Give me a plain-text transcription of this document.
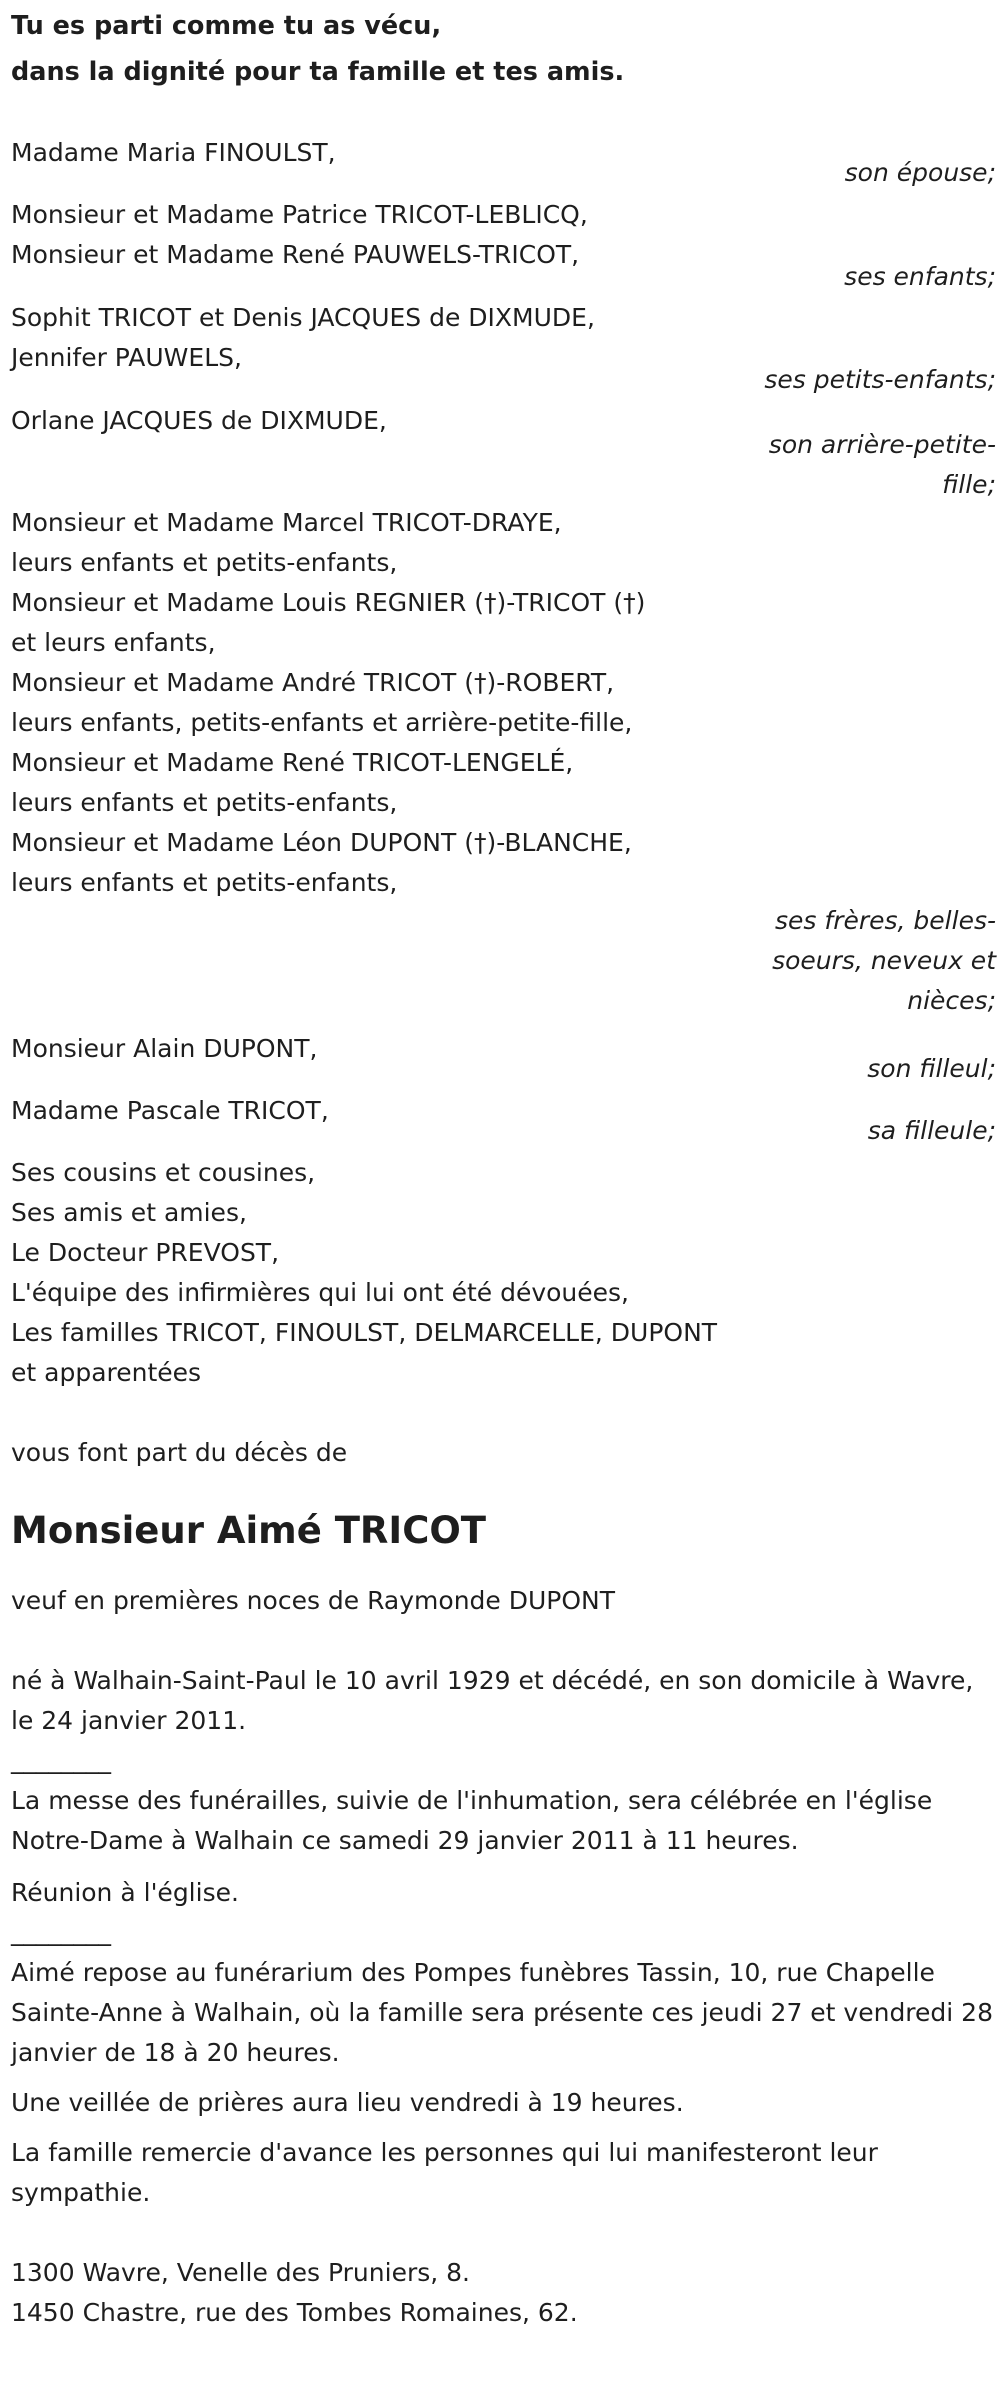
Tu es parti comme tu as vécu,
dans la dignité pour ta famille et tes amis.
Madame Maria FINOULST,
son épouse;
Monsieur et Madame Patrice TRICOT-LEBLICQ,
Monsieur et Madame René PAUWELS-TRICOT,
ses enfants;
Sophit TRICOT et Denis JACQUES de DIXMUDE,
Jennifer PAUWELS,
ses petits-enfants;
Orlane JACQUES de DIXMUDE,
son arrière-petite-fille;
Monsieur et Madame Marcel TRICOT-DRAYE,
leurs enfants et petits-enfants,
Monsieur et Madame Louis REGNIER (†)-TRICOT (†)
et leurs enfants,
Monsieur et Madame André TRICOT (†)-ROBERT,
leurs enfants, petits-enfants et arrière-petite-fille,
Monsieur et Madame René TRICOT-LENGELÉ,
leurs enfants et petits-enfants,
Monsieur et Madame Léon DUPONT (†)-BLANCHE,
leurs enfants et petits-enfants,
ses frères, belles-soeurs, neveux et nièces;
Monsieur Alain DUPONT,
son filleul;
Madame Pascale TRICOT,
sa filleule;
Ses cousins et cousines,
Ses amis et amies,
Le Docteur PREVOST,
L'équipe des infirmières qui lui ont été dévouées,
Les familles TRICOT, FINOULST, DELMARCELLE, DUPONT
et apparentées
vous font part du décès de
Monsieur Aimé TRICOT
veuf en premières noces de Raymonde DUPONT
né à Walhain-Saint-Paul le 10 avril 1929 et décédé, en son domicile à Wavre, le 24 janvier 2011.
________
La messe des funérailles, suivie de l'inhumation, sera célébrée en l'église Notre-Dame à Walhain ce samedi 29 janvier 2011 à 11 heures.
Réunion à l'église.
________
Aimé repose au funérarium des Pompes funèbres Tassin, 10, rue Chapelle Sainte-Anne à Walhain, où la famille sera présente ces jeudi 27 et vendredi 28 janvier de 18 à 20 heures.
Une veillée de prières aura lieu vendredi à 19 heures.
La famille remercie d'avance les personnes qui lui manifesteront leur sympathie.
1300 Wavre, Venelle des Pruniers, 8.
1450 Chastre, rue des Tombes Romaines, 62.
